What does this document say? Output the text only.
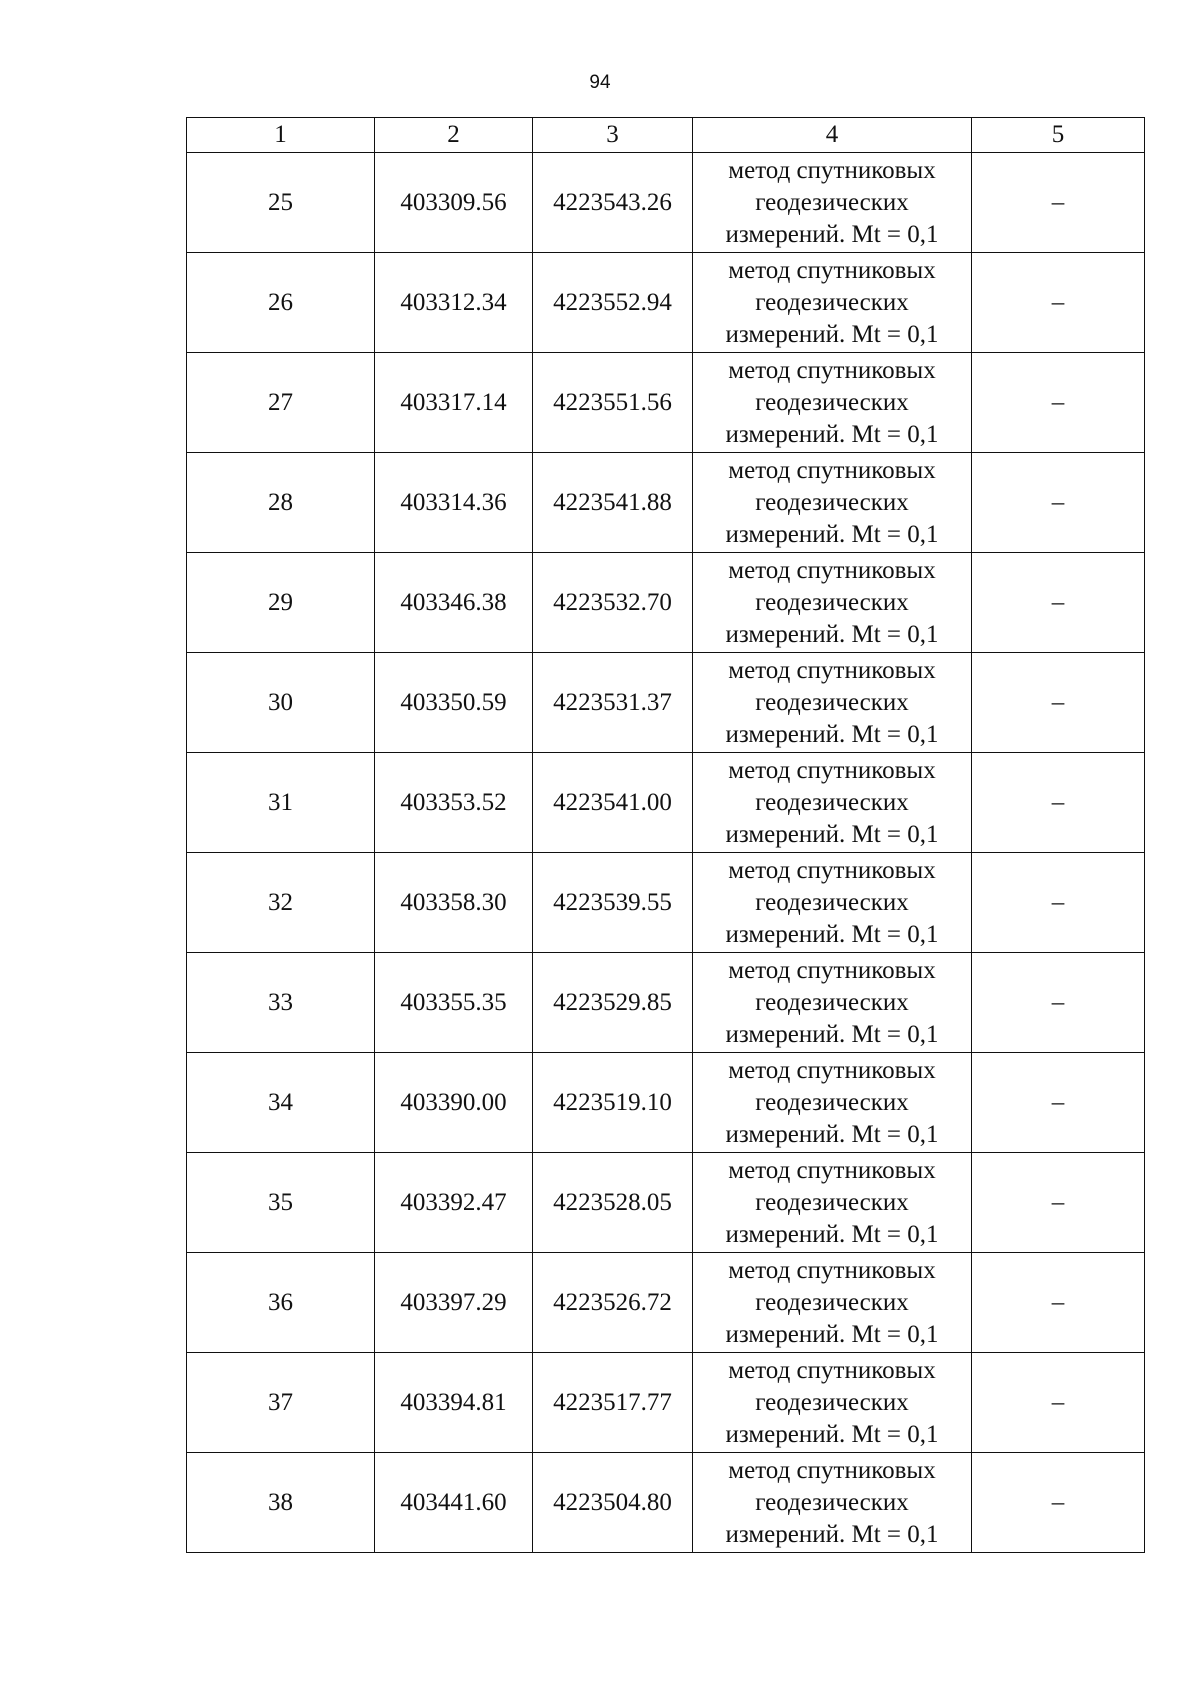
94
1	2	3	4	5
25	403309.56	4223543.26	метод спутниковых
геодезических
измерений. Mt = 0,1	–
26	403312.34	4223552.94	метод спутниковых
геодезических
измерений. Mt = 0,1	–
27	403317.14	4223551.56	метод спутниковых
геодезических
измерений. Mt = 0,1	–
28	403314.36	4223541.88	метод спутниковых
геодезических
измерений. Mt = 0,1	–
29	403346.38	4223532.70	метод спутниковых
геодезических
измерений. Mt = 0,1	–
30	403350.59	4223531.37	метод спутниковых
геодезических
измерений. Mt = 0,1	–
31	403353.52	4223541.00	метод спутниковых
геодезических
измерений. Mt = 0,1	–
32	403358.30	4223539.55	метод спутниковых
геодезических
измерений. Mt = 0,1	–
33	403355.35	4223529.85	метод спутниковых
геодезических
измерений. Mt = 0,1	–
34	403390.00	4223519.10	метод спутниковых
геодезических
измерений. Mt = 0,1	–
35	403392.47	4223528.05	метод спутниковых
геодезических
измерений. Mt = 0,1	–
36	403397.29	4223526.72	метод спутниковых
геодезических
измерений. Mt = 0,1	–
37	403394.81	4223517.77	метод спутниковых
геодезических
измерений. Mt = 0,1	–
38	403441.60	4223504.80	метод спутниковых
геодезических
измерений. Mt = 0,1	–
